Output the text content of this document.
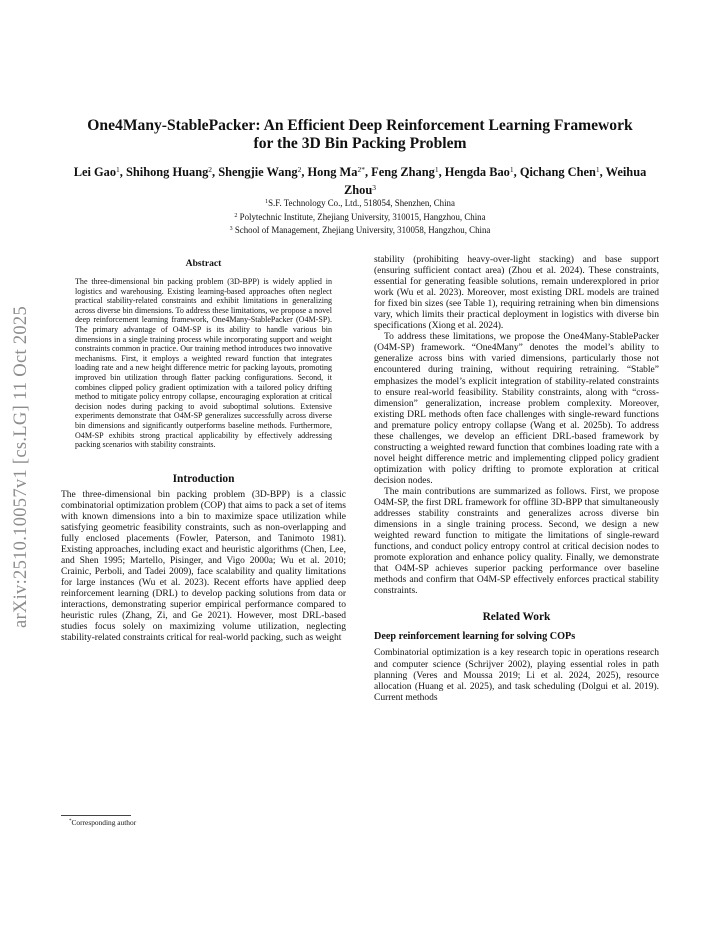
arXiv:2510.10057v1 [cs.LG] 11 Oct 2025
One4Many-StablePacker: An Efficient Deep Reinforcement Learning Framework
for the 3D Bin Packing Problem
Lei Gao$^1$, Shihong Huang$^2$, Shengjie Wang$^2$, Hong $Ma^{2*}$, Feng Zhang$^1$, Hengda Bao$^1$, Qichang Chen$^1$, Weihua Zhou$^3$
$^1$S.F. Technology Co., Ltd., 518054, Shenzhen, China
$^2$ Polytechnic Institute, Zhejiang University, 310015, Hangzhou, China
$^3$ School of Management, Zhejiang University, 310058, Hangzhou, China
Abstract

The three-dimensional bin packing problem (3D-BPP) is widely applied in logistics and warehousing. Existing learning-based approaches often neglect practical stability-related constraints and exhibit limitations in generalizing across diverse bin dimensions. To address these limitations, we propose a novel deep reinforcement learning framework, One4Many-StablePacker (O4M-SP). The primary advantage of O4M-SP is its ability to handle various bin dimensions in a single training process while incorporating support and weight constraints common in practice. Our training method introduces two innovative mechanisms. First, it employs a weighted reward function that integrates loading rate and a new height difference metric for packing layouts, promoting improved bin utilization through flatter packing configurations. Second, it combines clipped policy gradient optimization with a tailored policy drifting method to mitigate policy entropy collapse, encouraging exploration at critical decision nodes during packing to avoid suboptimal solutions. Extensive experiments demonstrate that O4M-SP generalizes successfully across diverse bin dimensions and significantly outperforms baseline methods. Furthermore, O4M-SP exhibits strong practical applicability by effectively addressing packing scenarios with stability constraints.

Introduction

The three-dimensional bin packing problem (3D-BPP) is a classic combinatorial optimization problem (COP) that aims to pack a set of items with known dimensions into a bin to maximize space utilization while satisfying geometric feasibility constraints, such as non-overlapping and fully enclosed placements (Fowler, Paterson, and Tanimoto 1981). Existing approaches, including exact and heuristic algorithms (Chen, Lee, and Shen 1995; Martello, Pisinger, and Vigo 2000a; Wu et al. 2010; Crainic, Perboli, and Tadei 2009), face scalability and quality limitations for large instances (Wu et al. 2023). Recent efforts have applied deep reinforcement learning (DRL) to develop packing solutions from data or interactions, demonstrating superior empirical performance compared to heuristic rules (Zhang, Zi, and Ge 2021). However, most DRL-based studies focus solely on maximizing volume utilization, neglecting stability-related constraints critical for real-world packing, such as weight

stability (prohibiting heavy-over-light stacking) and base support (ensuring sufficient contact area) (Zhou et al. 2024). These constraints, essential for generating feasible solutions, remain underexplored in prior work (Wu et al. 2023). Moreover, most existing DRL models are trained for fixed bin sizes (see Table 1), requiring retraining when bin dimensions vary, which limits their practical deployment in logistics with diverse bin specifications (Xiong et al. 2024).

To address these limitations, we propose the One4Many-StablePacker (O4M-SP) framework. “One4Many” denotes the model’s ability to generalize across bins with varied dimensions, particularly those not encountered during training, without requiring retraining. “Stable” emphasizes the model’s explicit integration of stability-related constraints to ensure real-world feasibility. Stability constraints, along with “cross-dimension” generalization, increase problem complexity. Moreover, existing DRL methods often face challenges with single-reward functions and premature policy entropy collapse (Wang et al. 2025b). To address these challenges, we develop an efficient DRL-based framework by constructing a weighted reward function that combines loading rate with a novel height difference metric and implementing clipped policy gradient optimization with policy drifting to promote exploration at critical decision nodes.

The main contributions are summarized as follows. First, we propose O4M-SP, the first DRL framework for offline 3D-BPP that simultaneously addresses stability constraints and generalizes across diverse bin dimensions in a single training process. Second, we design a new weighted reward function to mitigate the limitations of single-reward functions, and conduct policy entropy control at critical decision nodes to promote exploration and enhance policy quality. Finally, we demonstrate that O4M-SP achieves superior packing performance over baseline methods and confirm that O4M-SP effectively enforces practical stability constraints.

Related Work
Deep reinforcement learning for solving COPs

Combinatorial optimization is a key research topic in operations research and computer science (Schrijver 2002), playing essential roles in path planning (Veres and Moussa 2019; Li et al. 2024, 2025), resource allocation (Huang et al. 2025), and task scheduling (Dolgui et al. 2019). Current methods

*Corresponding author
